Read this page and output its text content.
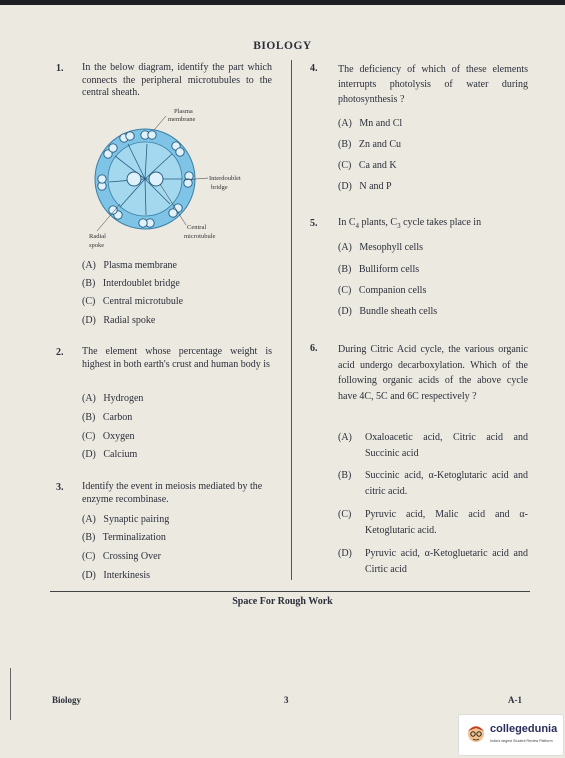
BIOLOGY
1. In the below diagram, identify the part which connects the peripheral microtubules to the central sheath.
Plasma
membrane
Interdoublet
bridge
Central
microtubule
Radial
spoke
(A) Plasma membrane
(B) Interdoublet bridge
(C) Central microtubule
(D) Radial spoke
2. The element whose percentage weight is highest in both earth's crust and human body is
(A) Hydrogen
(B) Carbon
(C) Oxygen
(D) Calcium
3. Identify the event in meiosis mediated by the enzyme recombinase.
(A) Synaptic pairing
(B) Terminalization
(C) Crossing Over
(D) Interkinesis
4. The deficiency of which of these elements interrupts photolysis of water during photosynthesis ?
(A) Mn and Cl
(B) Zn and Cu
(C) Ca and K
(D) N and P
5. In $C_4$ plants, $C_3$ cycle takes place in
(A) Mesophyll cells
(B) Bulliform cells
(C) Companion cells
(D) Bundle sheath cells
6. During Citric Acid cycle, the various organic acid undergo decarboxylation. Which of the following organic acids of the above cycle have 4C, 5C and 6C respectively ?
(A) Oxaloacetic acid, Citric acid and Succinic acid
(B) Succinic acid, α-Ketoglutaric acid and citric acid.
(C) Pyruvic acid, Malic acid and α-Ketoglutaric acid.
(D) Pyruvic acid, α-Ketogluetaric acid and Cirtic acid
Space For Rough Work
Biology	3	A-1
collegedunia
India's largest Student Review Platform
